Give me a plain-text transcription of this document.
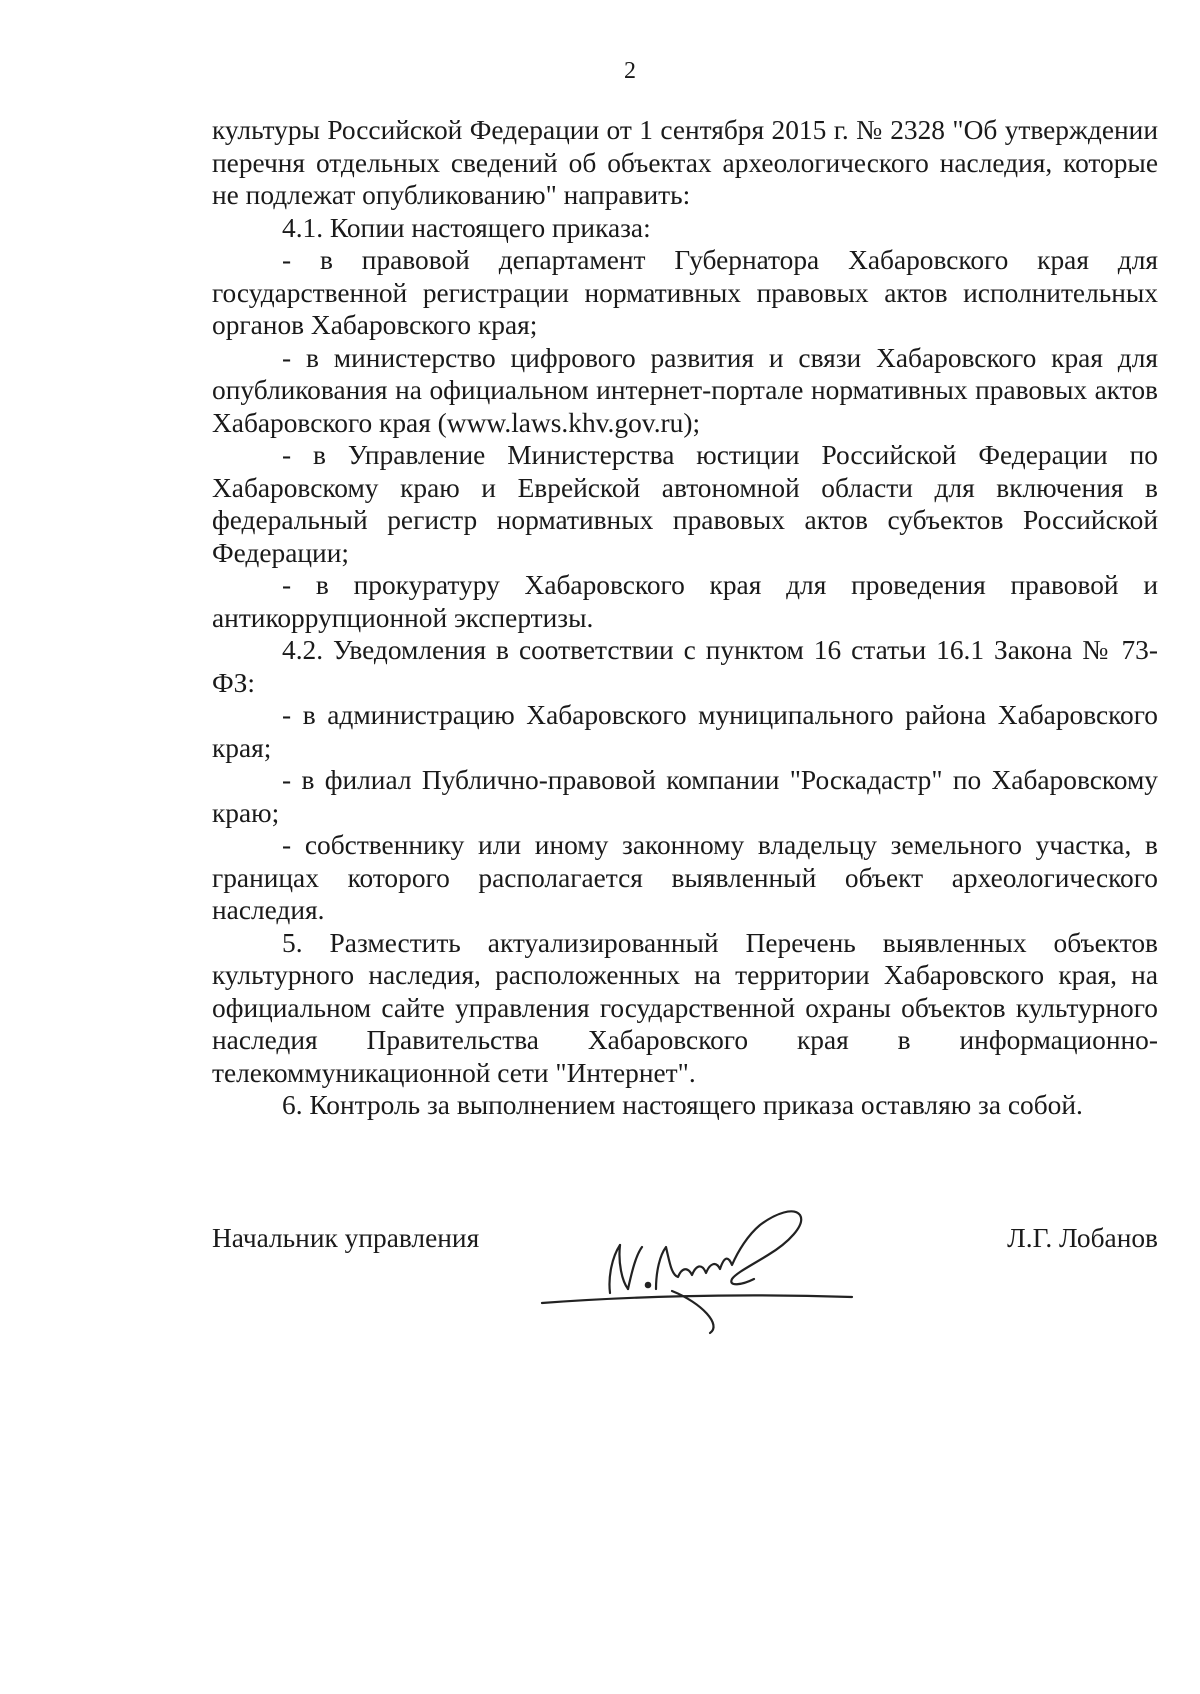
2

культуры Российской Федерации от 1 сентября 2015 г. № 2328 "Об утверждении перечня отдельных сведений об объектах археологического наследия, которые не подлежат опубликованию" направить:

4.1. Копии настоящего приказа:

- в правовой департамент Губернатора Хабаровского края для государственной регистрации нормативных правовых актов исполнительных органов Хабаровского края;

- в министерство цифрового развития и связи Хабаровского края для опубликования на официальном интернет-портале нормативных правовых актов Хабаровского края (www.laws.khv.gov.ru);

- в Управление Министерства юстиции Российской Федерации по Хабаровскому краю и Еврейской автономной области для включения в федеральный регистр нормативных правовых актов субъектов Российской Федерации;

- в прокуратуру Хабаровского края для проведения правовой и антикоррупционной экспертизы.

4.2. Уведомления в соответствии с пунктом 16 статьи 16.1 Закона № 73-ФЗ:

- в администрацию Хабаровского муниципального района Хабаровского края;

- в филиал Публично-правовой компании "Роскадастр" по Хабаровскому краю;

- собственнику или иному законному владельцу земельного участка, в границах которого располагается выявленный объект археологического наследия.

5. Разместить актуализированный Перечень выявленных объектов культурного наследия, расположенных на территории Хабаровского края, на официальном сайте управления государственной охраны объектов культурного наследия Правительства Хабаровского края в информационно-телекоммуникационной сети "Интернет".

6. Контроль за выполнением настоящего приказа оставляю за собой.

Начальник управления	Л.Г. Лобанов
